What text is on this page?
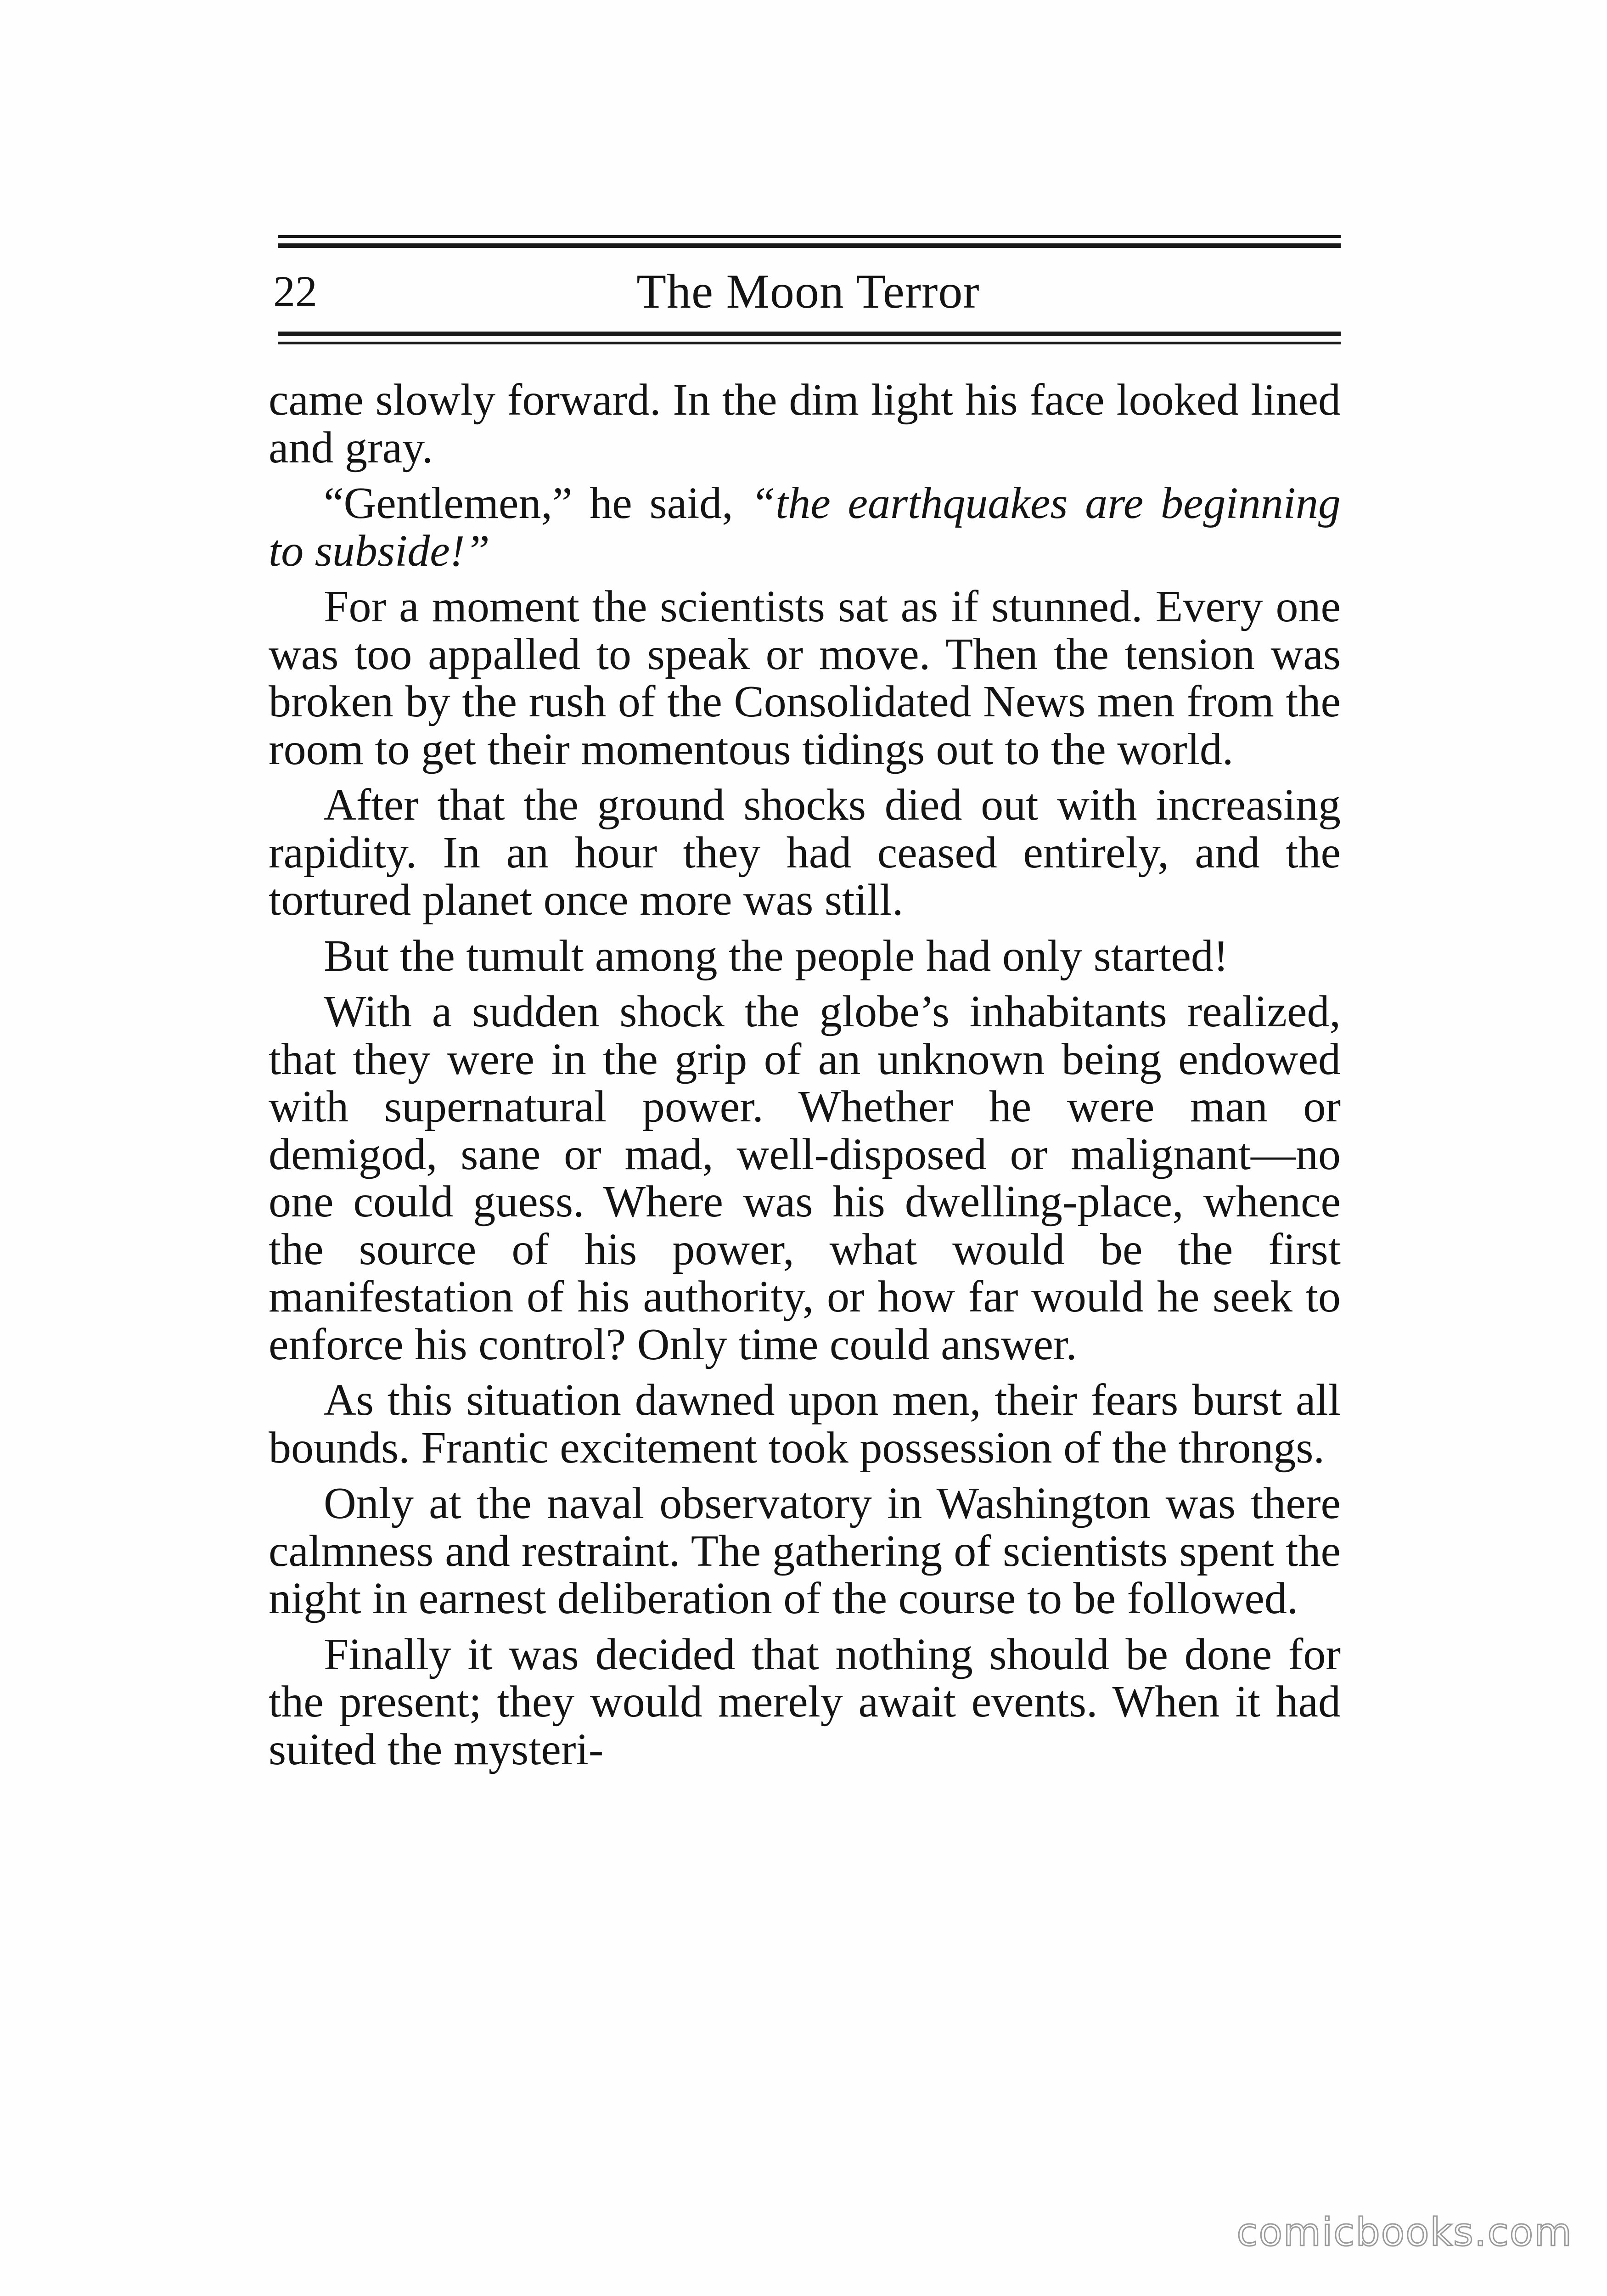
22	The Moon Terror

came slowly forward. In the dim light his face looked lined and gray.

“Gentlemen,” he said, “the earthquakes are beginning to subside!”

For a moment the scientists sat as if stunned. Every one was too appalled to speak or move. Then the tension was broken by the rush of the Consolidated News men from the room to get their momentous tidings out to the world.

After that the ground shocks died out with increasing rapidity. In an hour they had ceased entirely, and the tortured planet once more was still.

But the tumult among the people had only started!

With a sudden shock the globe’s inhabitants realized, that they were in the grip of an unknown being endowed with supernatural power. Whether he were man or demigod, sane or mad, well-disposed or malignant—no one could guess. Where was his dwelling-place, whence the source of his power, what would be the first manifestation of his authority, or how far would he seek to enforce his control? Only time could answer.

As this situation dawned upon men, their fears burst all bounds. Frantic excitement took possession of the throngs.

Only at the naval observatory in Washington was there calmness and restraint. The gathering of scientists spent the night in earnest deliberation of the course to be followed.

Finally it was decided that nothing should be done for the present; they would merely await events. When it had suited the mysteri-

comicbooks.com
